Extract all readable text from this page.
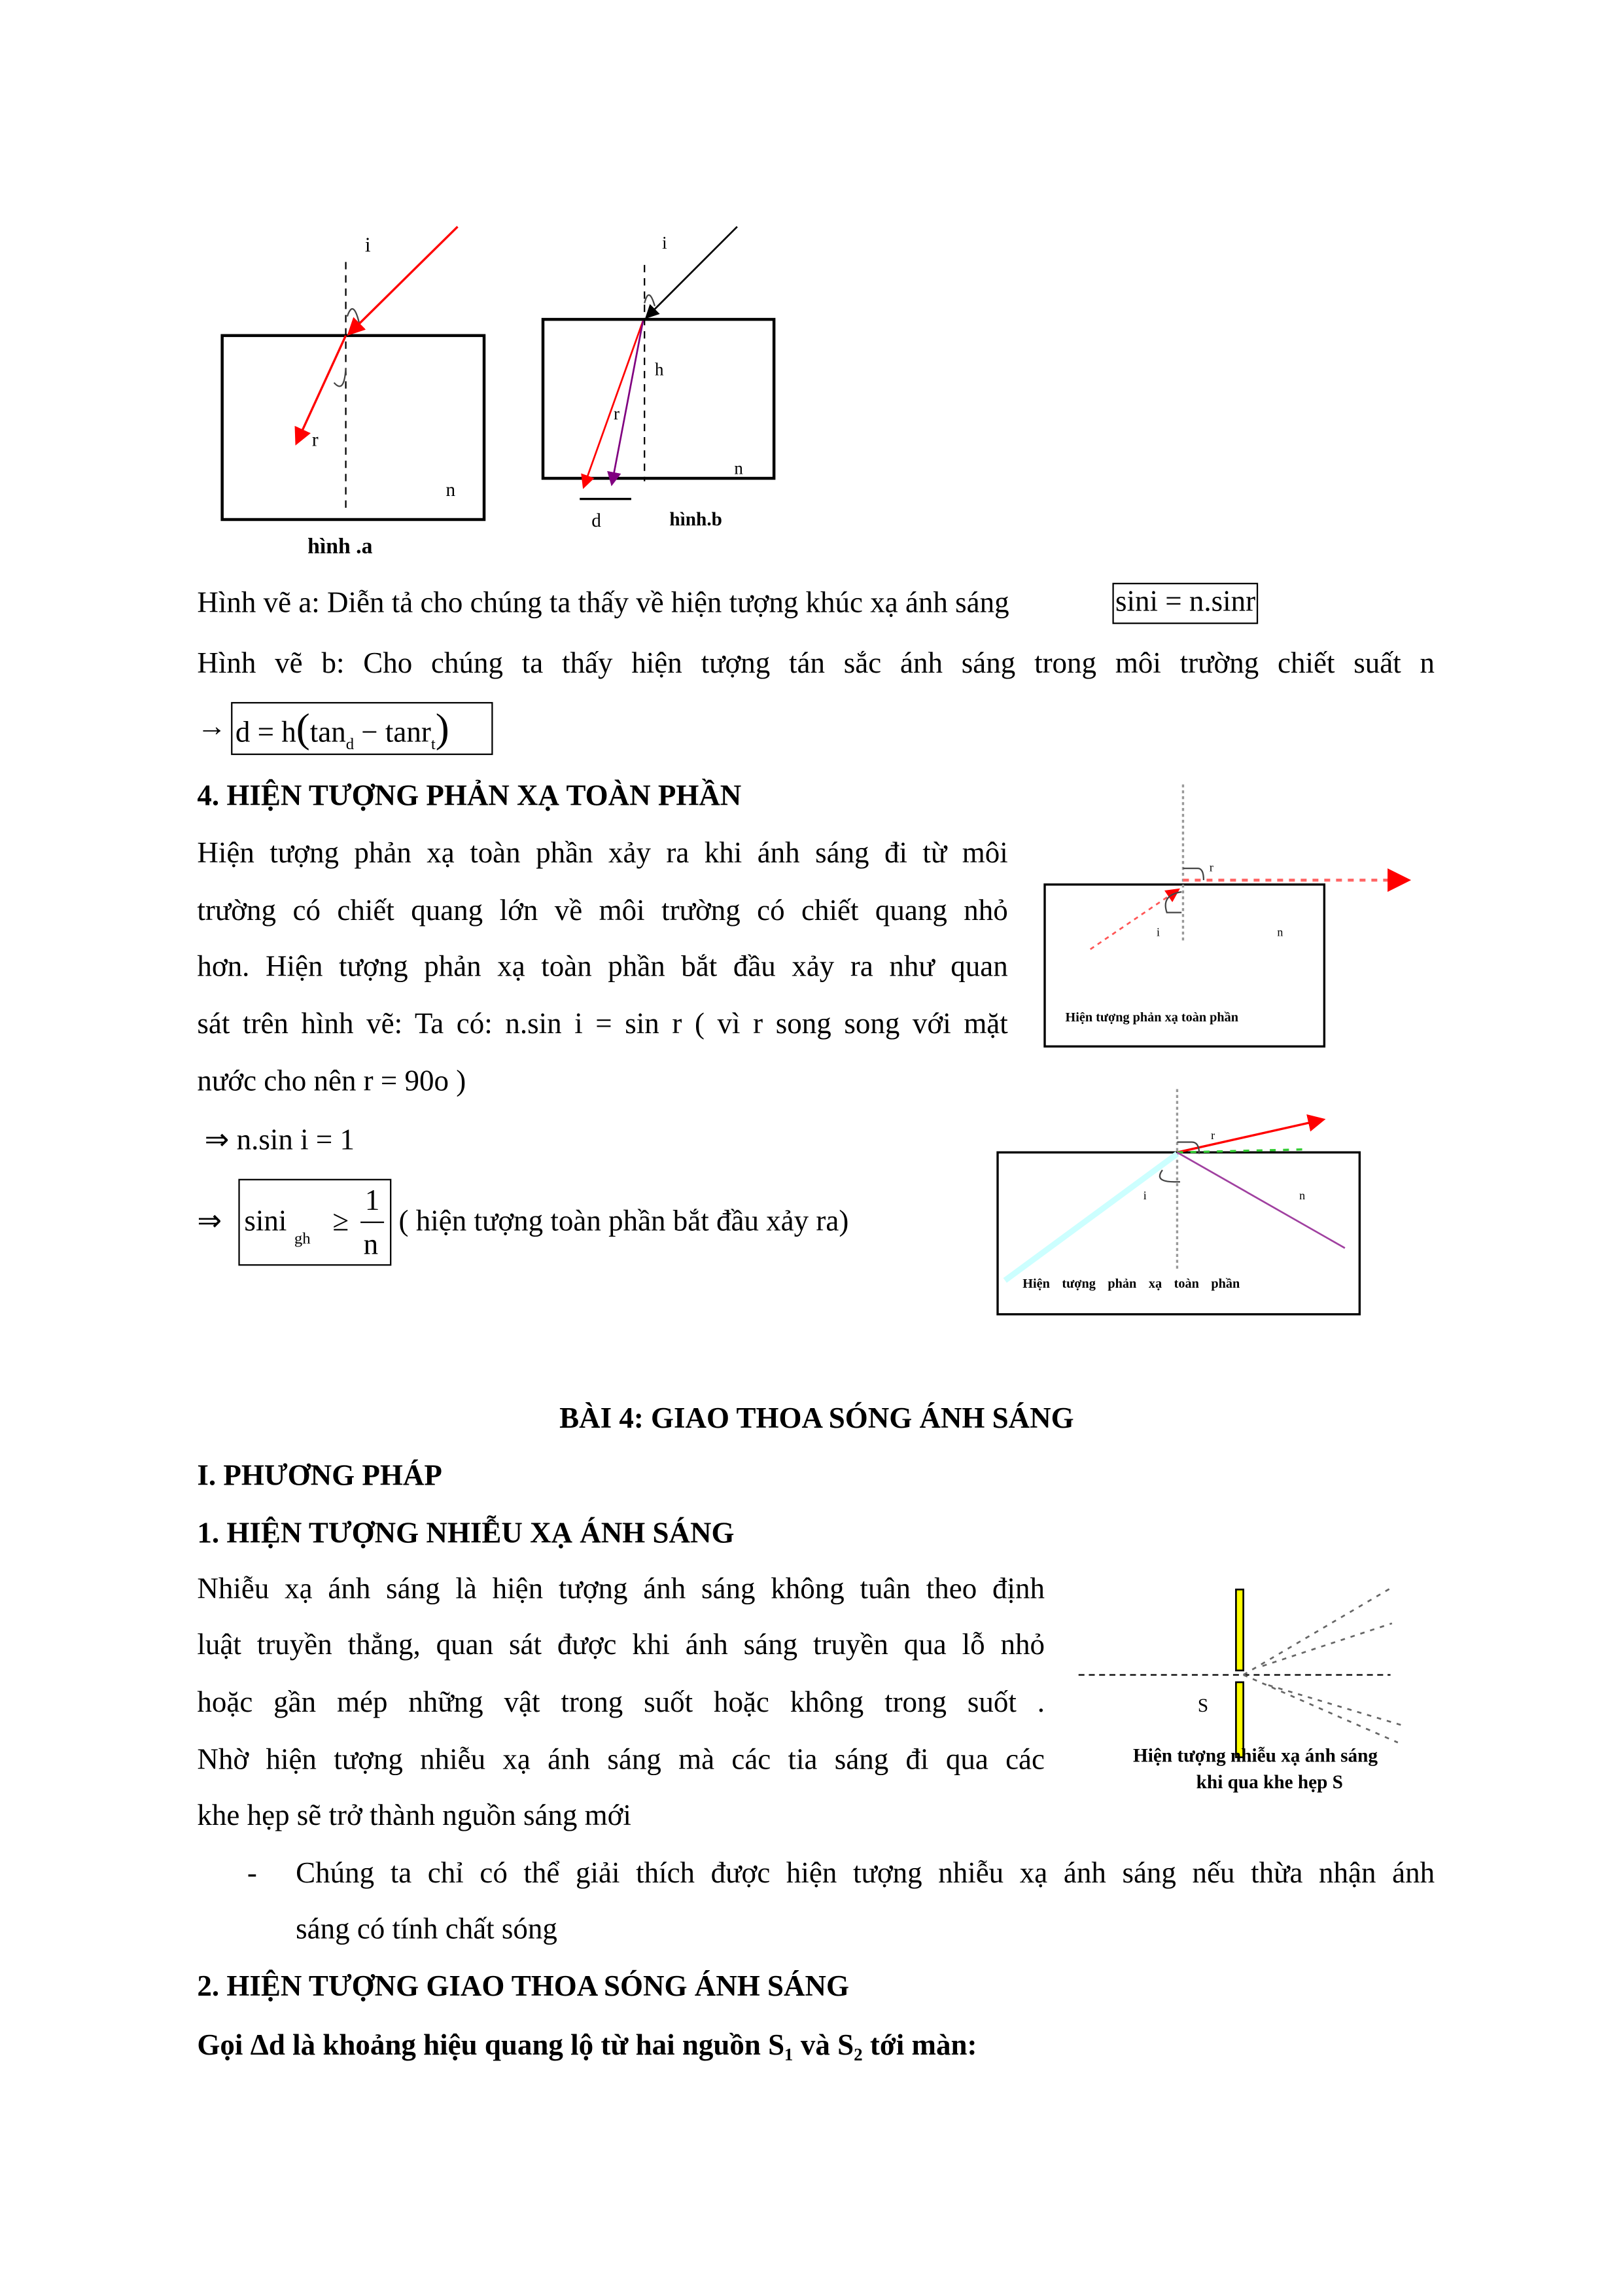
i
r
n
hình .a
i
h
r
n
d	hình.b
r
i	n
Hiện tượng phản xạ toàn phần
r
i	n
Hiện tượng phản xạ toàn phần
S
Hiện tượng nhiễu xạ ánh sáng
khi qua khe hẹp S
Hình vẽ a: Diễn tả cho chúng ta thấy về hiện tượng khúc xạ ánh sáng	sini = n.sinr
Hình vẽ b: Cho chúng ta thấy hiện tượng tán sắc ánh sáng trong môi trường chiết suất n
→ $d = h(\tan_d - \tan r_t)$
4. HIỆN TƯỢNG PHẢN XẠ TOÀN PHẦN
Hiện tượng phản xạ toàn phần xảy ra khi ánh sáng đi từ môi
trường có chiết quang lớn về môi trường có chiết quang nhỏ
hơn. Hiện tượng phản xạ toàn phần bắt đầu xảy ra như quan
sát trên hình vẽ: Ta có: n.sin i = sin r ( vì r song song với mặt
nước cho nên r = 90o )
⇒ n.sin i = 1
⇒ sini
gh
≥
1
n
( hiện tượng toàn phần bắt đầu xảy ra)
BÀI 4: GIAO THOA SÓNG ÁNH SÁNG
I. PHƯƠNG PHÁP
1. HIỆN TƯỢNG NHIỄU XẠ ÁNH SÁNG
Nhiễu xạ ánh sáng là hiện tượng ánh sáng không tuân theo định
luật truyền thẳng, quan sát được khi ánh sáng truyền qua lỗ nhỏ
hoặc gần mép những vật trong suốt hoặc không trong suốt .
Nhờ hiện tượng nhiễu xạ ánh sáng mà các tia sáng đi qua các
khe hẹp sẽ trở thành nguồn sáng mới
-	Chúng ta chỉ có thể giải thích được hiện tượng nhiễu xạ ánh sáng nếu thừa nhận ánh
sáng có tính chất sóng
2. HIỆN TƯỢNG GIAO THOA SÓNG ÁNH SÁNG
Gọi Δd là khoảng hiệu quang lộ từ hai nguồn S₁ và S₂ tới màn:
